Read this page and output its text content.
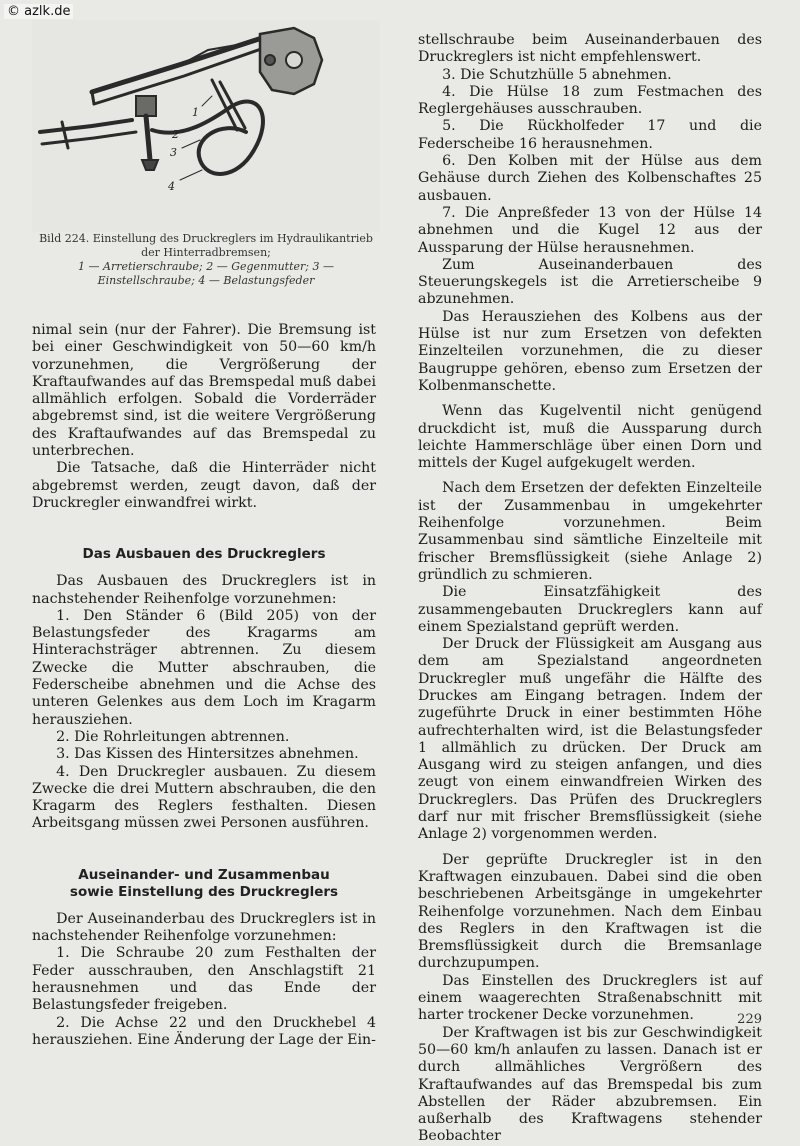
© azlk.de
1
2
3
4

Bild 224. Einstellung des Druckreglers im Hydraulikantrieb der Hinterradbremsen;

1 — Arretierschraube; 2 — Gegenmutter; 3 — Einstellschraube; 4 — Belastungsfeder

nimal sein (nur der Fahrer). Die Bremsung ist bei einer Geschwindigkeit von 50—60 km/h vorzunehmen, die Vergrößerung der Kraftaufwandes auf das Bremspedal muß dabei allmählich erfolgen. Sobald die Vorderräder abgebremst sind, ist die weitere Vergrößerung des Kraftaufwandes auf das Bremspedal zu unterbrechen.

Die Tatsache, daß die Hinterräder nicht abgebremst werden, zeugt davon, daß der Druckregler einwandfrei wirkt.

Das Ausbauen des Druckreglers

Das Ausbauen des Druckreglers ist in nachstehender Reihenfolge vorzunehmen:

1. Den Ständer 6 (Bild 205) von der Belastungsfeder des Kragarms am Hinterachsträger abtrennen. Zu diesem Zwecke die Mutter abschrauben, die Federscheibe abnehmen und die Achse des unteren Gelenkes aus dem Loch im Kragarm herausziehen.

2. Die Rohrleitungen abtrennen.

3. Das Kissen des Hintersitzes abnehmen.

4. Den Druckregler ausbauen. Zu diesem Zwecke die drei Muttern abschrauben, die den Kragarm des Reglers festhalten. Diesen Arbeitsgang müssen zwei Personen ausführen.

Auseinander- und Zusammenbau
sowie Einstellung des Druckreglers

Der Auseinanderbau des Druckreglers ist in nachstehender Reihenfolge vorzunehmen:

1. Die Schraube 20 zum Festhalten der Feder ausschrauben, den Anschlagstift 21 herausnehmen und das Ende der Belastungsfeder freigeben.

2. Die Achse 22 und den Druckhebel 4 herausziehen. Eine Änderung der Lage der Ein-

stellschraube beim Auseinanderbauen des Druckreglers ist nicht empfehlenswert.

3. Die Schutzhülle 5 abnehmen.

4. Die Hülse 18 zum Festmachen des Reglergehäuses ausschrauben.

5. Die Rückholfeder 17 und die Federscheibe 16 herausnehmen.

6. Den Kolben mit der Hülse aus dem Gehäuse durch Ziehen des Kolbenschaftes 25 ausbauen.

7. Die Anpreßfeder 13 von der Hülse 14 abnehmen und die Kugel 12 aus der Aussparung der Hülse herausnehmen.

Zum Auseinanderbauen des Steuerungskegels ist die Arretierscheibe 9 abzunehmen.

Das Herausziehen des Kolbens aus der Hülse ist nur zum Ersetzen von defekten Einzelteilen vorzunehmen, die zu dieser Baugruppe gehören, ebenso zum Ersetzen der Kolbenmanschette.

Wenn das Kugelventil nicht genügend druckdicht ist, muß die Aussparung durch leichte Hammerschläge über einen Dorn und mittels der Kugel aufgekugelt werden.

Nach dem Ersetzen der defekten Einzelteile ist der Zusammenbau in umgekehrter Reihenfolge vorzunehmen. Beim Zusammenbau sind sämtliche Einzelteile mit frischer Bremsflüssigkeit (siehe Anlage 2) gründlich zu schmieren.

Die Einsatzfähigkeit des zusammengebauten Druckreglers kann auf einem Spezialstand geprüft werden.

Der Druck der Flüssigkeit am Ausgang aus dem am Spezialstand angeordneten Druckregler muß ungefähr die Hälfte des Druckes am Eingang betragen. Indem der zugeführte Druck in einer bestimmten Höhe aufrechterhalten wird, ist die Belastungsfeder 1 allmählich zu drücken. Der Druck am Ausgang wird zu steigen anfangen, und dies zeugt von einem einwandfreien Wirken des Druckreglers. Das Prüfen des Druckreglers darf nur mit frischer Bremsflüssigkeit (siehe Anlage 2) vorgenommen werden.

Der geprüfte Druckregler ist in den Kraftwagen einzubauen. Dabei sind die oben beschriebenen Arbeitsgänge in umgekehrter Reihenfolge vorzunehmen. Nach dem Einbau des Reglers in den Kraftwagen ist die Bremsflüssigkeit durch die Bremsanlage durchzupumpen.

Das Einstellen des Druckreglers ist auf einem waagerechten Straßenabschnitt mit harter trockener Decke vorzunehmen.

Der Kraftwagen ist bis zur Geschwindigkeit 50—60 km/h anlaufen zu lassen. Danach ist er durch allmähliches Vergrößern des Kraftaufwandes auf das Bremspedal bis zum Abstellen der Räder abzubremsen. Ein außerhalb des Kraftwagens stehender Beobachter

229
